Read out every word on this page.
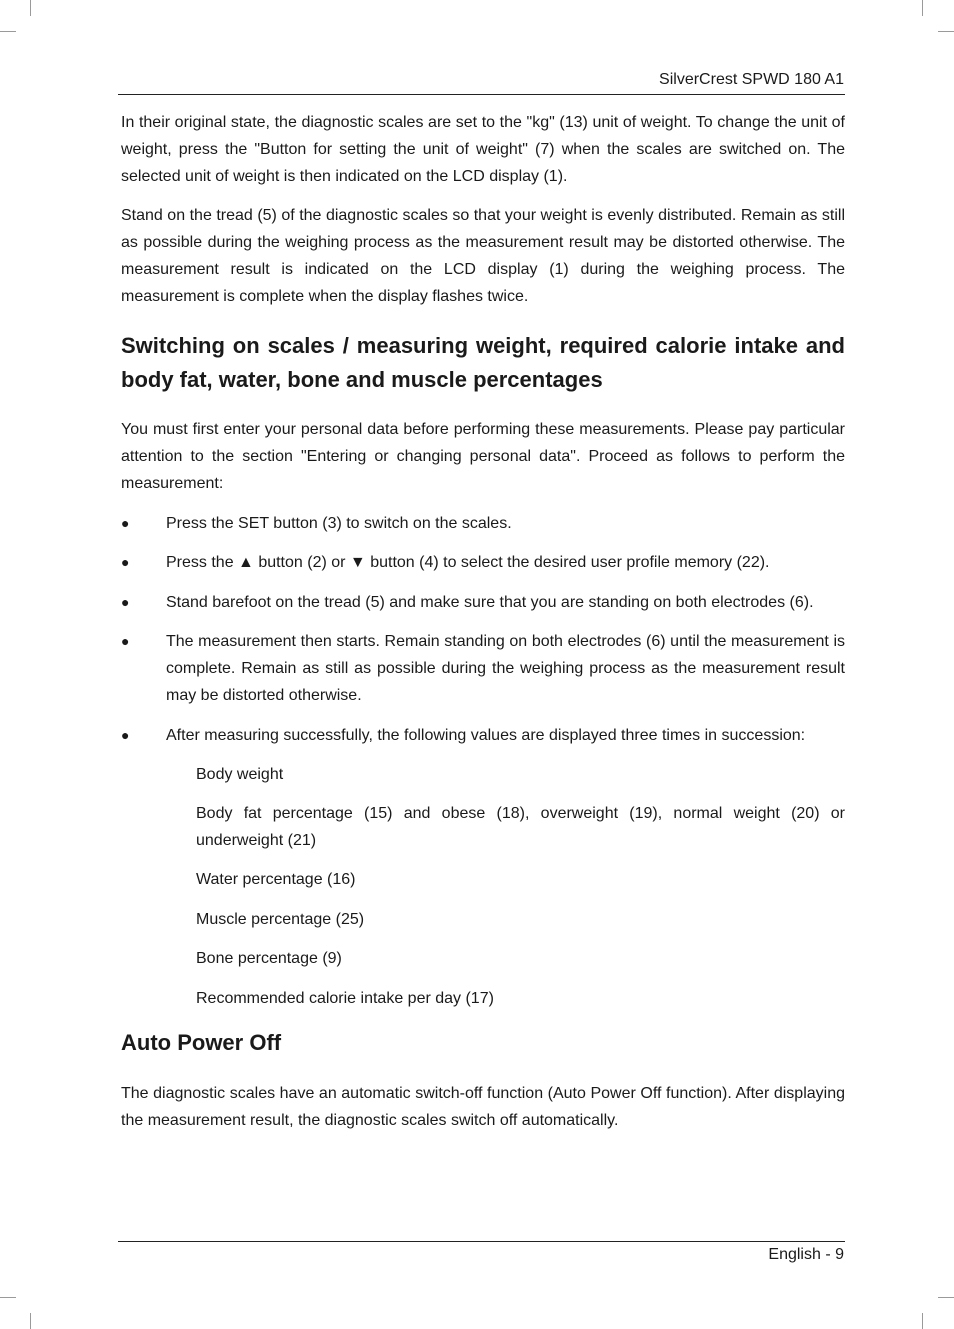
SilverCrest SPWD 180 A1

In their original state, the diagnostic scales are set to the "kg" (13) unit of weight. To change the unit of weight, press the "Button for setting the unit of weight" (7) when the scales are switched on. The selected unit of weight is then indicated on the LCD display (1).

Stand on the tread (5) of the diagnostic scales so that your weight is evenly distributed. Remain as still as possible during the weighing process as the measurement result may be distorted otherwise. The measurement result is indicated on the LCD display (1) during the weighing process. The measurement is complete when the display flashes twice.

Switching on scales / measuring weight, required calorie intake and body fat, water, bone and muscle percentages

You must first enter your personal data before performing these measurements. Please pay particular attention to the section "Entering or changing personal data". Proceed as follows to perform the measurement:

● Press the SET button (3) to switch on the scales.

● Press the ▲ button (2) or ▼ button (4) to select the desired user profile memory (22).

● Stand barefoot on the tread (5) and make sure that you are standing on both electrodes (6).

● The measurement then starts. Remain standing on both electrodes (6) until the measurement is complete. Remain as still as possible during the weighing process as the measurement result may be distorted otherwise.

● After measuring successfully, the following values are displayed three times in succession:

Body weight

Body fat percentage (15) and obese (18), overweight (19), normal weight (20) or underweight (21)

Water percentage (16)

Muscle percentage (25)

Bone percentage (9)

Recommended calorie intake per day (17)

Auto Power Off

The diagnostic scales have an automatic switch-off function (Auto Power Off function). After displaying the measurement result, the diagnostic scales switch off automatically.

English - 9
